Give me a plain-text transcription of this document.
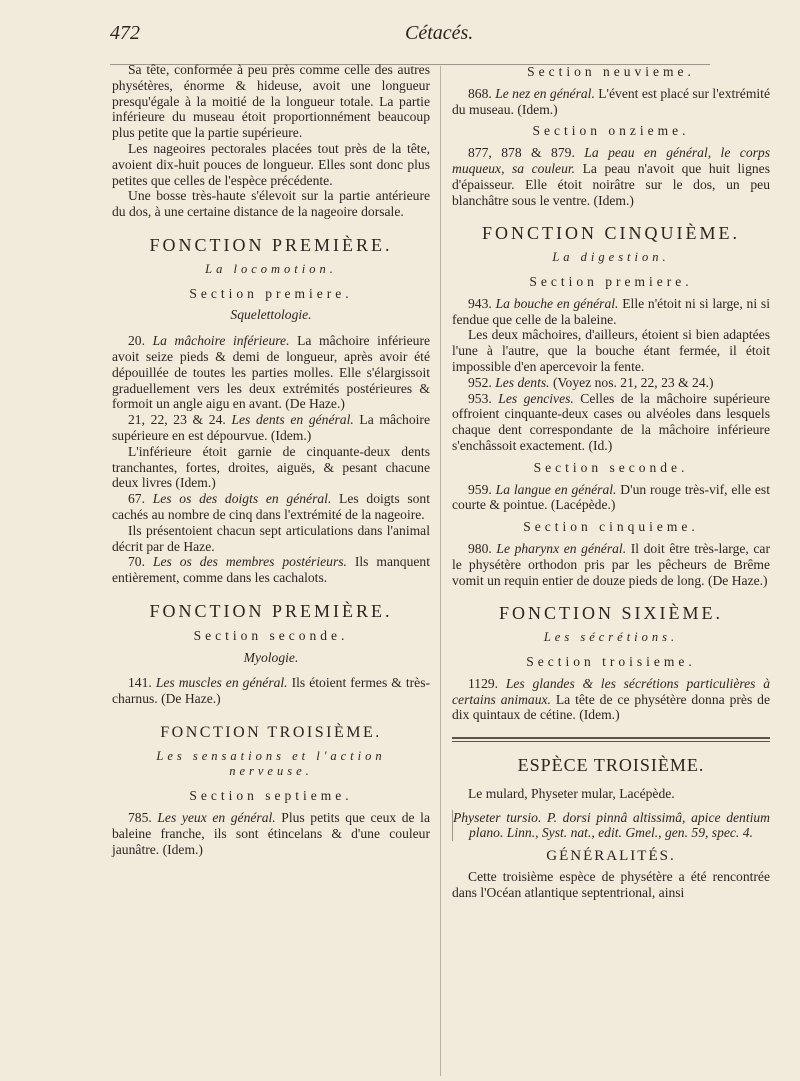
472	Cétacés.

Sa tête, conformée à peu près comme celle des autres physétères, énorme & hideuse, avoit une longueur presqu'égale à la moitié de la longueur totale. La partie inférieure du museau étoit proportionnément beaucoup plus petite que la partie supérieure.

Les nageoires pectorales placées tout près de la tête, avoient dix-huit pouces de longueur. Elles sont donc plus petites que celles de l'espèce précédente.

Une bosse très-haute s'élevoit sur la partie antérieure du dos, à une certaine distance de la nageoire dorsale.

FONCTION PREMIÈRE.
La locomotion.
Section premiere.
Squelettologie.

20. La mâchoire inférieure. La mâchoire inférieure avoit seize pieds & demi de longueur, après avoir été dépouillée de toutes les parties molles. Elle s'élargissoit graduellement vers les deux extrémités postérieures & formoit un angle aigu en avant. (De Haze.)

21, 22, 23 & 24. Les dents en général. La mâchoire supérieure en est dépourvue. (Idem.)

L'inférieure étoit garnie de cinquante-deux dents tranchantes, fortes, droites, aiguës, & pesant chacune deux livres (Idem.)

67. Les os des doigts en général. Les doigts sont cachés au nombre de cinq dans l'extrémité de la nageoire.

Ils présentoient chacun sept articulations dans l'animal décrit par de Haze.

70. Les os des membres postérieurs. Ils manquent entièrement, comme dans les cachalots.

FONCTION PREMIÈRE.
Section seconde.
Myologie.

141. Les muscles en général. Ils étoient fermes & très-charnus. (De Haze.)

FONCTION TROISIÈME.
Les sensations et l'action nerveuse.
Section septieme.

785. Les yeux en général. Plus petits que ceux de la baleine franche, ils sont étincelans & d'une couleur jaunâtre. (Idem.)

Section neuvieme.

868. Le nez en général. L'évent est placé sur l'extrémité du museau. (Idem.)

Section onzieme.

877, 878 & 879. La peau en général, le corps muqueux, sa couleur. La peau n'avoit que huit lignes d'épaisseur. Elle étoit noirâtre sur le dos, un peu blanchâtre sous le ventre. (Idem.)

FONCTION CINQUIÈME.
La digestion.
Section premiere.

943. La bouche en général. Elle n'étoit ni si large, ni si fendue que celle de la baleine.

Les deux mâchoires, d'ailleurs, étoient si bien adaptées l'une à l'autre, que la bouche étant fermée, il étoit impossible d'en apercevoir la fente.

952. Les dents. (Voyez nos. 21, 22, 23 & 24.)

953. Les gencives. Celles de la mâchoire supérieure offroient cinquante-deux cases ou alvéoles dans lesquels chaque dent correspondante de la mâchoire inférieure s'enchâssoit exactement. (Id.)

Section seconde.

959. La langue en général. D'un rouge très-vif, elle est courte & pointue. (Lacépède.)

Section cinquieme.

980. Le pharynx en général. Il doit être très-large, car le physétère orthodon pris par les pêcheurs de Brême vomit un requin entier de douze pieds de long. (De Haze.)

FONCTION SIXIÈME.
Les sécrétions.
Section troisieme.

1129. Les glandes & les sécrétions particulières à certains animaux. La tête de ce physétère donna près de dix quintaux de cétine. (Idem.)

ESPÈCE TROISIÈME.

Le mulard, Physeter mular, Lacépède.

Physeter tursio. P. dorsi pinnâ altissimâ, apice dentium plano. Linn., Syst. nat., edit. Gmel., gen. 59, spec. 4.

GÉNÉRALITÉS.

Cette troisième espèce de physétère a été rencontrée dans l'Océan atlantique septentrional, ainsi
